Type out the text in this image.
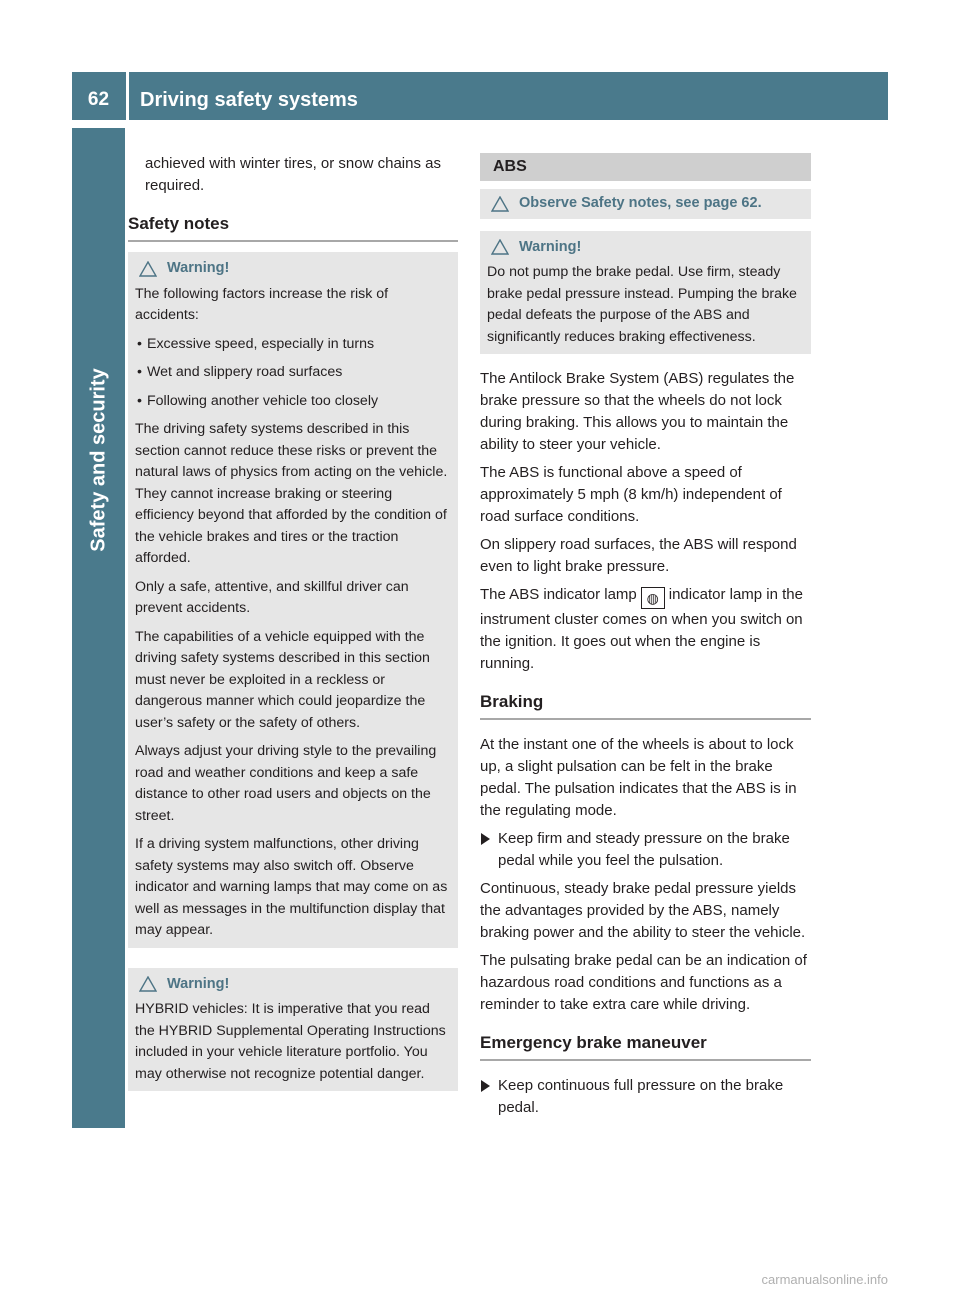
62	Driving safety systems
Safety and security

achieved with winter tires, or snow chains as required.

Safety notes
Warning!

The following factors increase the risk of accidents:

• Excessive speed, especially in turns

• Wet and slippery road surfaces

• Following another vehicle too closely

The driving safety systems described in this section cannot reduce these risks or prevent the natural laws of physics from acting on the vehicle. They cannot increase braking or steering efficiency beyond that afforded by the condition of the vehicle brakes and tires or the traction afforded.

Only a safe, attentive, and skillful driver can prevent accidents.

The capabilities of a vehicle equipped with the driving safety systems described in this section must never be exploited in a reckless or dangerous manner which could jeopardize the user’s safety or the safety of others.

Always adjust your driving style to the prevailing road and weather conditions and keep a safe distance to other road users and objects on the street.

If a driving system malfunctions, other driving safety systems may also switch off. Observe indicator and warning lamps that may come on as well as messages in the multifunction display that may appear.

Warning!

HYBRID vehicles: It is imperative that you read the HYBRID Supplemental Operating Instructions included in your vehicle literature portfolio. You may otherwise not recognize potential danger.

ABS
Observe Safety notes, see page 62.
Warning!

Do not pump the brake pedal. Use firm, steady brake pedal pressure instead. Pumping the brake pedal defeats the purpose of the ABS and significantly reduces braking effectiveness.

The Antilock Brake System (ABS) regulates the brake pressure so that the wheels do not lock during braking. This allows you to maintain the ability to steer your vehicle.

The ABS is functional above a speed of approximately 5 mph (8 km/h) independent of road surface conditions.

On slippery road surfaces, the ABS will respond even to light brake pressure.

The ABS indicator lamp ◍ indicator lamp in the instrument cluster comes on when you switch on the ignition. It goes out when the engine is running.

Braking

At the instant one of the wheels is about to lock up, a slight pulsation can be felt in the brake pedal. The pulsation indicates that the ABS is in the regulating mode.

Keep firm and steady pressure on the brake pedal while you feel the pulsation.

Continuous, steady brake pedal pressure yields the advantages provided by the ABS, namely braking power and the ability to steer the vehicle.

The pulsating brake pedal can be an indication of hazardous road conditions and functions as a reminder to take extra care while driving.

Emergency brake maneuver
Keep continuous full pressure on the brake pedal.
carmanualsonline.info
